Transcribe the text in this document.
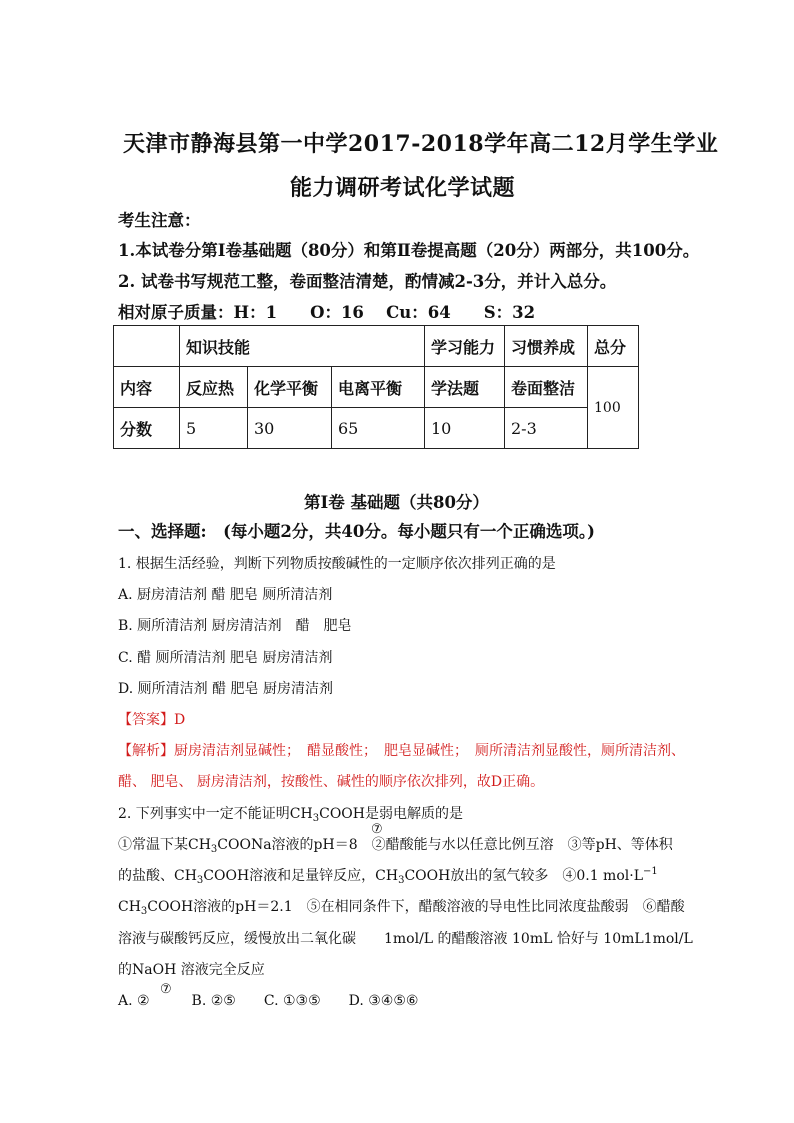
天津市静海县第一中学2017-2018学年高二12月学生学业
能力调研考试化学试题
考生注意：
1.本试卷分第Ⅰ卷基础题（80分）和第Ⅱ卷提高题（20分）两部分，共100分。
2. 试卷书写规范工整，卷面整洁清楚，酌情减2-3分，并计入总分。
相对原子质量：H：1　　O：16　 Cu：64　　S：32
	知识技能			学习能力	习惯养成	总分
内容	反应热	化学平衡	电离平衡	学法题	卷面整洁	100
分数	5	30	65	10	2-3	
第Ⅰ卷 基础题（共80分）
一、选择题:　(每小题2分，共40分。每小题只有一个正确选项。)
1. 根据生活经验，判断下列物质按酸碱性的一定顺序依次排列正确的是
A. 厨房清洁剂 醋 肥皂 厕所清洁剂
B. 厕所清洁剂 厨房清洁剂　醋　肥皂
C. 醋 厕所清洁剂 肥皂 厨房清洁剂
D. 厕所清洁剂 醋 肥皂 厨房清洁剂
【答案】D
【解析】厨房清洁剂显碱性；　醋显酸性；　肥皂显碱性；　厕所清洁剂显酸性，厕所清洁剂、
醋、 肥皂、 厨房清洁剂，按酸性、碱性的顺序依次排列，故D正确。
2. 下列事实中一定不能证明$CH_3COOH$是弱电解质的是
⑦
①常温下某$CH_3COONa$溶液的pH＝8　②醋酸能与水以任意比例互溶　③等pH、等体积
的盐酸、$CH_3COOH$溶液和足量锌反应，$CH_3COOH$放出的氢气较多　④0.1 $mol\cdot L^{-1}$
$CH_3COOH$溶液的pH＝2.1　⑤在相同条件下，醋酸溶液的导电性比同浓度盐酸弱　⑥醋酸
溶液与碳酸钙反应，缓慢放出二氧化碳　　1mol/L 的醋酸溶液 10mL 恰好与 10mL1mol/L
的NaOH 溶液完全反应
⑦
A. ②　　　B. ②⑤　　C. ①③⑤　　D. ③④⑤⑥
